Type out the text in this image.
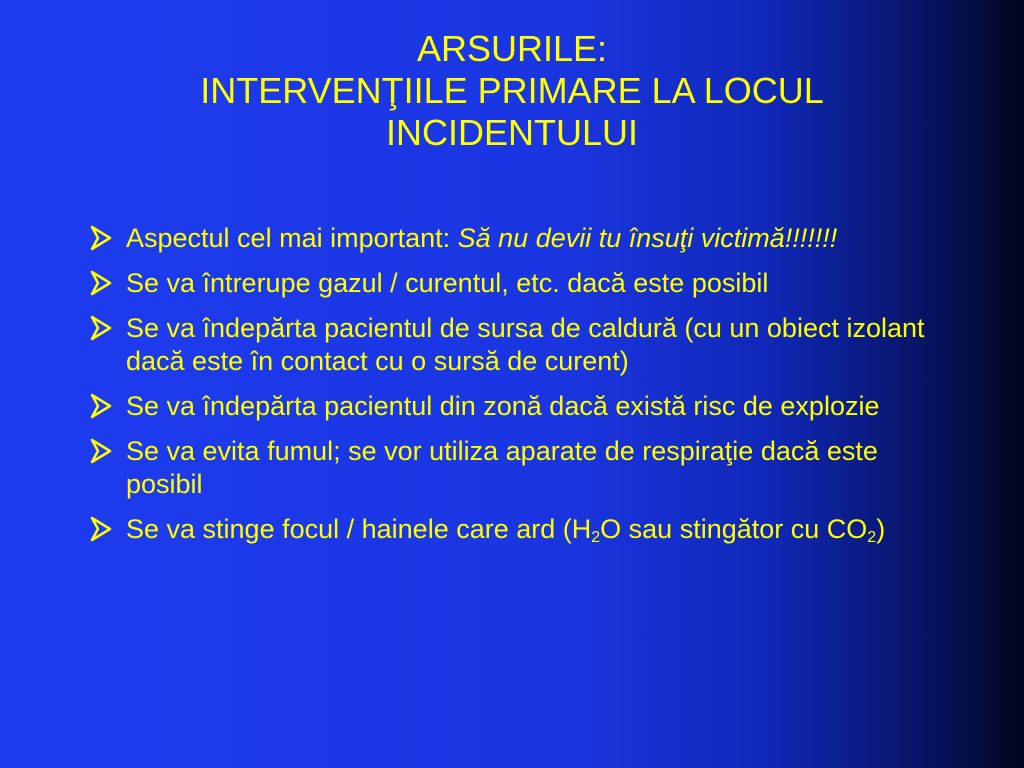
ARSURILE:
INTERVENŢIILE PRIMARE LA LOCUL
INCIDENTULUI
Aspectul cel mai important: Să nu devii tu însuţi victimă!!!!!!!
Se va întrerupe gazul / curentul, etc. dacă este posibil
Se va îndepărta pacientul de sursa de caldură (cu un obiect izolant dacă este în contact cu o sursă de curent)
Se va îndepărta pacientul din zonă dacă există risc de explozie
Se va evita fumul; se vor utiliza aparate de respiraţie dacă este posibil
Se va stinge focul / hainele care ard ($H_2O$ sau stingător cu $CO_2$)
